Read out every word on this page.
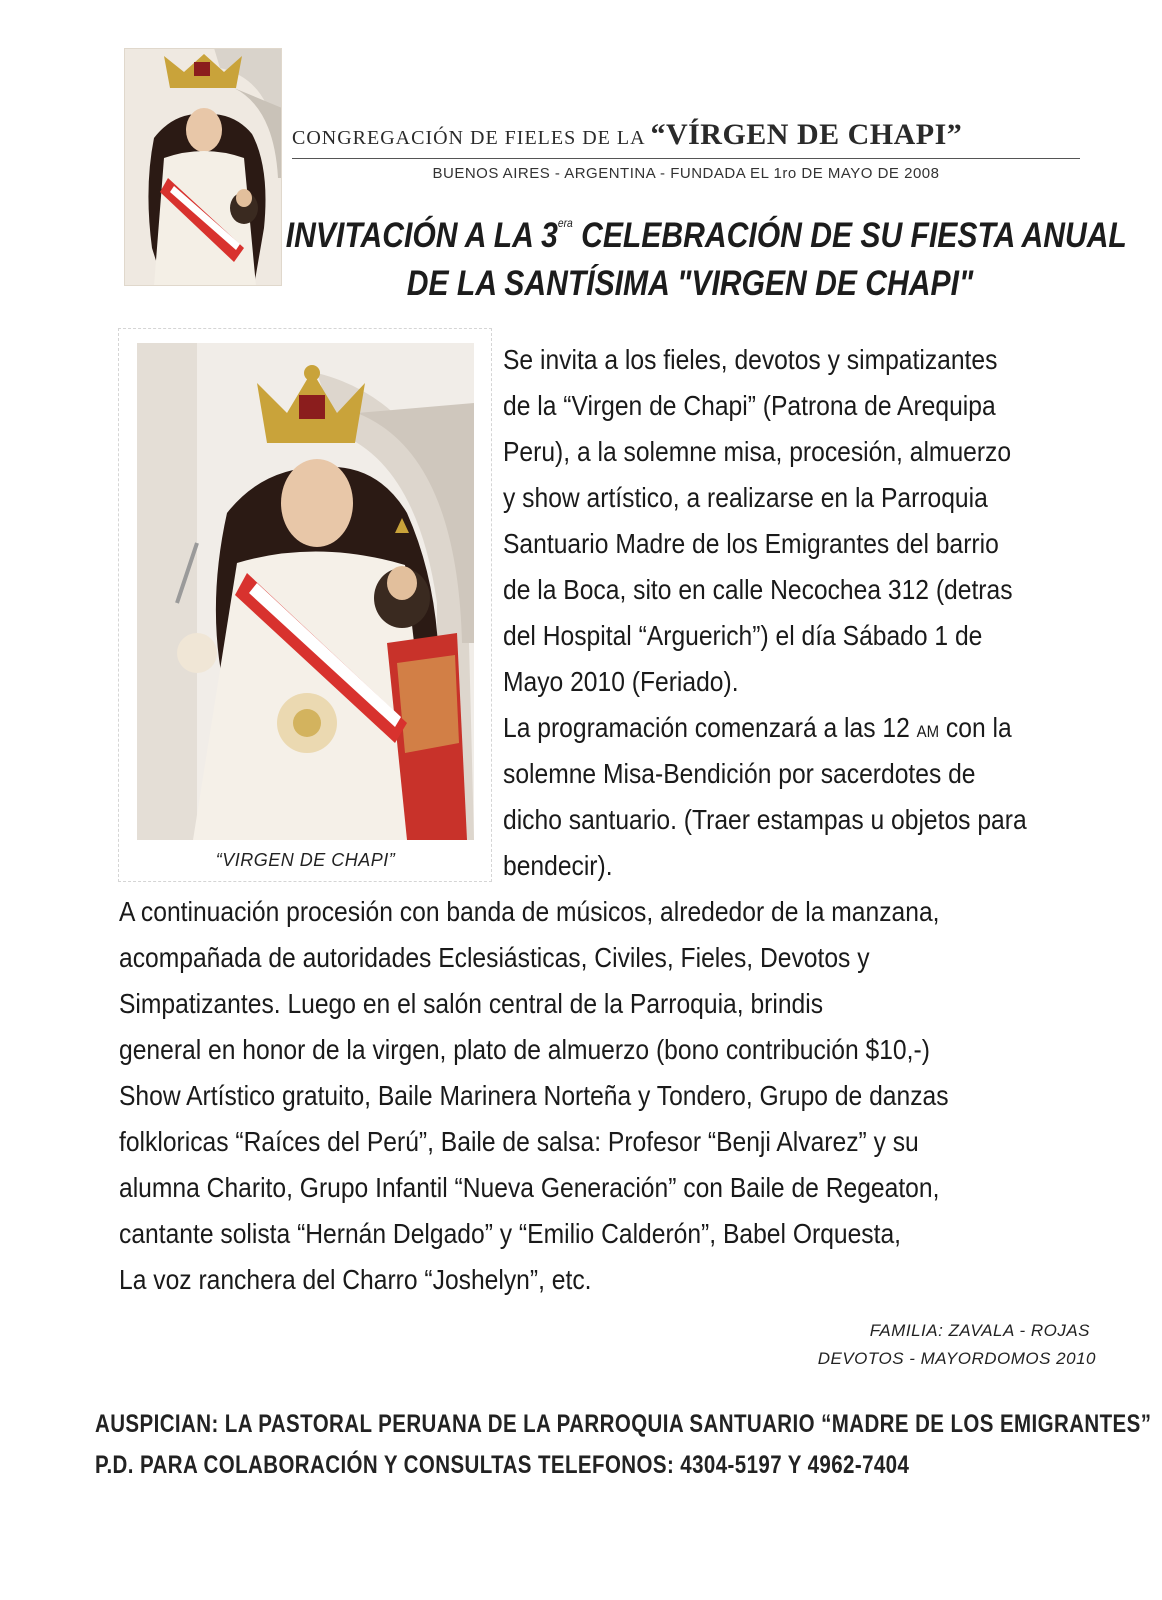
CONGREGACIÓN DE FIELES DE LA “VÍRGEN DE CHAPI”
BUENOS AIRES - ARGENTINA - FUNDADA EL 1ro DE MAYO DE 2008
INVITACIÓN A LA $3^{era}$ CELEBRACIÓN DE SU FIESTA ANUAL
DE LA SANTÍSIMA "VIRGEN DE CHAPI"
“VIRGEN DE CHAPI”
Se invita a los fieles, devotos y simpatizantes
de la “Virgen de Chapi” (Patrona de Arequipa
Peru), a la solemne misa, procesión, almuerzo
y show artístico, a realizarse en la Parroquia
Santuario Madre de los Emigrantes del barrio
de la Boca, sito en calle Necochea 312 (detras
del Hospital “Arguerich”) el día Sábado 1 de
Mayo 2010 (Feriado).
La programación comenzará a las 12 AM con la
solemne Misa-Bendición por sacerdotes de
dicho santuario. (Traer estampas u objetos para
bendecir).
A continuación procesión con banda de músicos, alrededor de la manzana,
acompañada de autoridades Eclesiásticas, Civiles, Fieles, Devotos y
Simpatizantes. Luego en el salón central de la Parroquia, brindis
general en honor de la virgen, plato de almuerzo (bono contribución $10,-)
Show Artístico gratuito, Baile Marinera Norteña y Tondero, Grupo de danzas
folkloricas “Raíces del Perú”, Baile de salsa: Profesor “Benji Alvarez” y su
alumna Charito, Grupo Infantil “Nueva Generación” con Baile de Regeaton,
cantante solista “Hernán Delgado” y “Emilio Calderón”, Babel Orquesta,
La voz ranchera del Charro “Joshelyn”, etc.
FAMILIA: ZAVALA - ROJAS
DEVOTOS - MAYORDOMOS 2010
AUSPICIAN: LA PASTORAL PERUANA DE LA PARROQUIA SANTUARIO “MADRE DE LOS EMIGRANTES”
P.D. PARA COLABORACIÓN Y CONSULTAS TELEFONOS: 4304-5197 Y 4962-7404
